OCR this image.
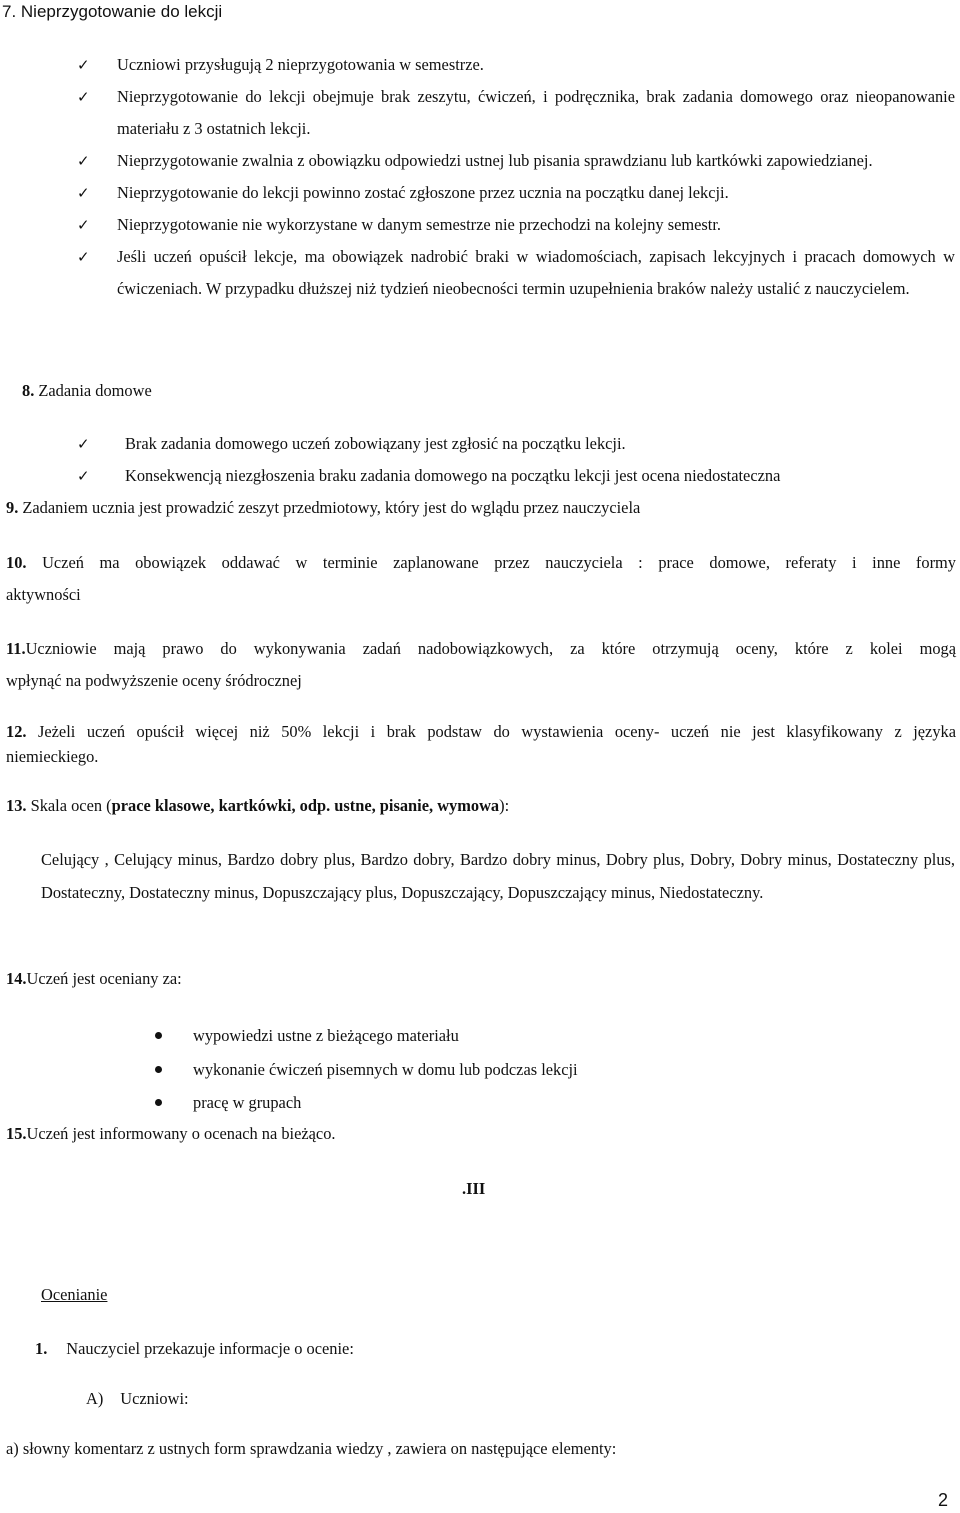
7. Nieprzygotowanie do lekcji
✓ Uczniowi przysługują 2 nieprzygotowania w semestrze.
✓ Nieprzygotowanie do lekcji obejmuje brak zeszytu, ćwiczeń, i podręcznika, brak zadania domowego oraz nieopanowanie materiału z 3 ostatnich lekcji.
✓ Nieprzygotowanie zwalnia z obowiązku odpowiedzi ustnej lub pisania sprawdzianu lub kartkówki zapowiedzianej.
✓ Nieprzygotowanie do lekcji powinno zostać zgłoszone przez ucznia na początku danej lekcji.
✓ Nieprzygotowanie nie wykorzystane w danym semestrze nie przechodzi na kolejny semestr.
✓ Jeśli uczeń opuścił lekcje, ma obowiązek nadrobić braki w wiadomościach, zapisach lekcyjnych i pracach domowych w ćwiczeniach. W przypadku dłuższej niż tydzień nieobecności termin uzupełnienia braków należy ustalić z nauczycielem.
8. Zadania domowe
✓ Brak zadania domowego uczeń zobowiązany jest zgłosić na początku lekcji.
✓ Konsekwencją niezgłoszenia braku zadania domowego na początku lekcji jest ocena niedostateczna
9. Zadaniem ucznia jest prowadzić zeszyt przedmiotowy, który jest do wglądu przez nauczyciela
10. Uczeń ma obowiązek oddawać w terminie zaplanowane przez nauczyciela : prace domowe, referaty i inne formy
aktywności
11.Uczniowie mają prawo do wykonywania zadań nadobowiązkowych, za które otrzymują oceny, które z kolei mogą
wpłynąć na podwyższenie oceny śródrocznej
12. Jeżeli uczeń opuścił więcej niż 50% lekcji i brak podstaw do wystawienia oceny- uczeń nie jest klasyfikowany z języka
niemieckiego.
13. Skala ocen (prace klasowe, kartkówki, odp. ustne, pisanie, wymowa):
Celujący , Celujący minus, Bardzo dobry plus, Bardzo dobry, Bardzo dobry minus, Dobry plus, Dobry, Dobry minus, Dostateczny plus, Dostateczny, Dostateczny minus, Dopuszczający plus, Dopuszczający, Dopuszczający minus, Niedostateczny.
14.Uczeń jest oceniany za:
wypowiedzi ustne z bieżącego materiału
wykonanie ćwiczeń pisemnych w domu lub podczas lekcji
pracę w grupach
15.Uczeń jest informowany o ocenach na bieżąco.
.III
Ocenianie
1. Nauczyciel przekazuje informacje o ocenie:
A) Uczniowi:
a) słowny komentarz z ustnych form sprawdzania wiedzy , zawiera on następujące elementy:
2
